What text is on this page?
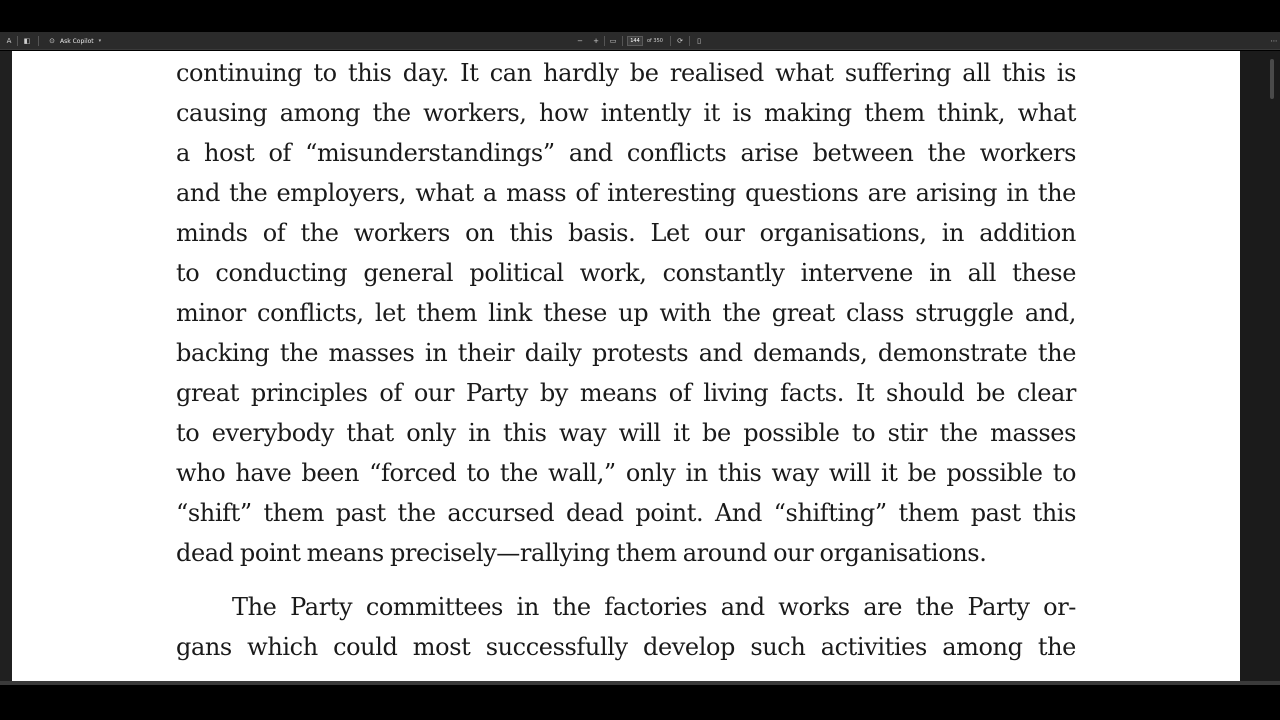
A	◧	⊙ Ask Copilot ▾	− + ▭	144 of 350 ⟳	▯	⋯
continuing to this day. It can hardly be realised what suffering all this is
causing among the workers, how intently it is making them think, what
a host of “misunderstandings” and conflicts arise between the workers
and the employers, what a mass of interesting questions are arising in the
minds of the workers on this basis. Let our organisations, in addition
to conducting general political work, constantly intervene in all these
minor conflicts, let them link these up with the great class struggle and,
backing the masses in their daily protests and demands, demonstrate the
great principles of our Party by means of living facts. It should be clear
to everybody that only in this way will it be possible to stir the masses
who have been “forced to the wall,” only in this way will it be possible to
“shift” them past the accursed dead point. And “shifting” them past this
dead point means precisely—rallying them around our organisations.
The Party committees in the factories and works are the Party or-
gans which could most successfully develop such activities among the
